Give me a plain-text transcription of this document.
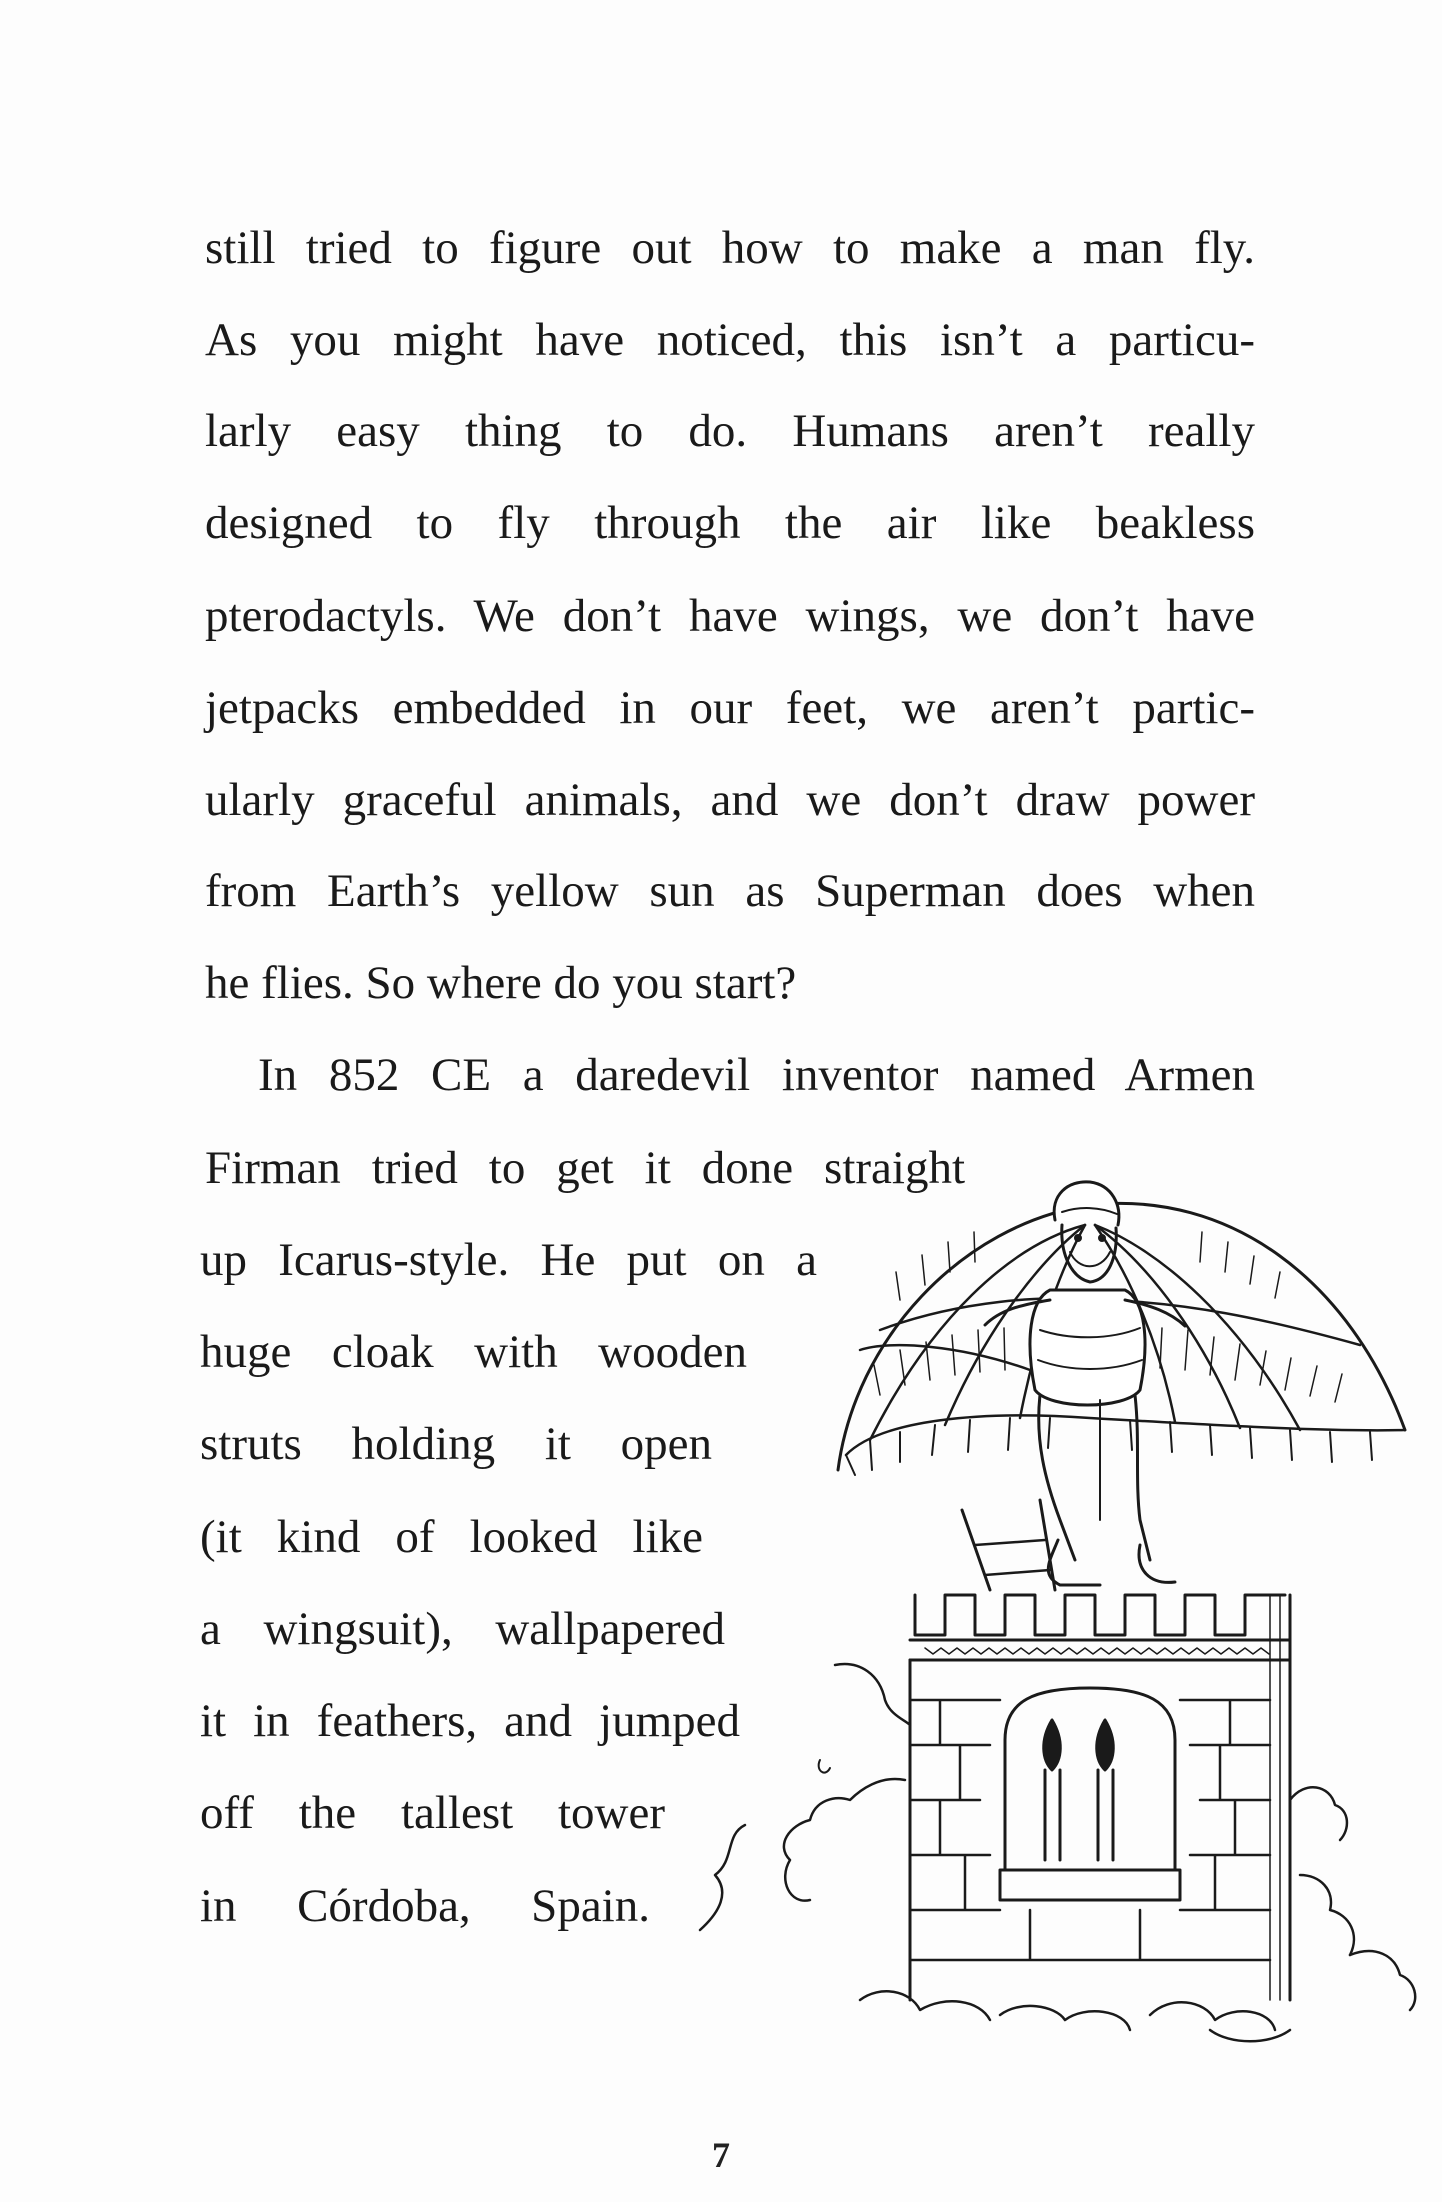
still tried to figure out how to make a man fly.
As you might have noticed, this isn’t a particu-
larly easy thing to do. Humans aren’t really
designed to fly through the air like beakless
pterodactyls. We don’t have wings, we don’t have
jetpacks embedded in our feet, we aren’t partic-
ularly graceful animals, and we don’t draw power
from Earth’s yellow sun as Superman does when
he flies. So where do you start?
In 852 CE a daredevil inventor named Armen
Firman tried to get it done straight
up Icarus-style. He put on a
huge cloak with wooden
struts holding it open
(it kind of looked like
a wingsuit), wallpapered
it in feathers, and jumped
off the tallest tower
in Córdoba, Spain.
7
